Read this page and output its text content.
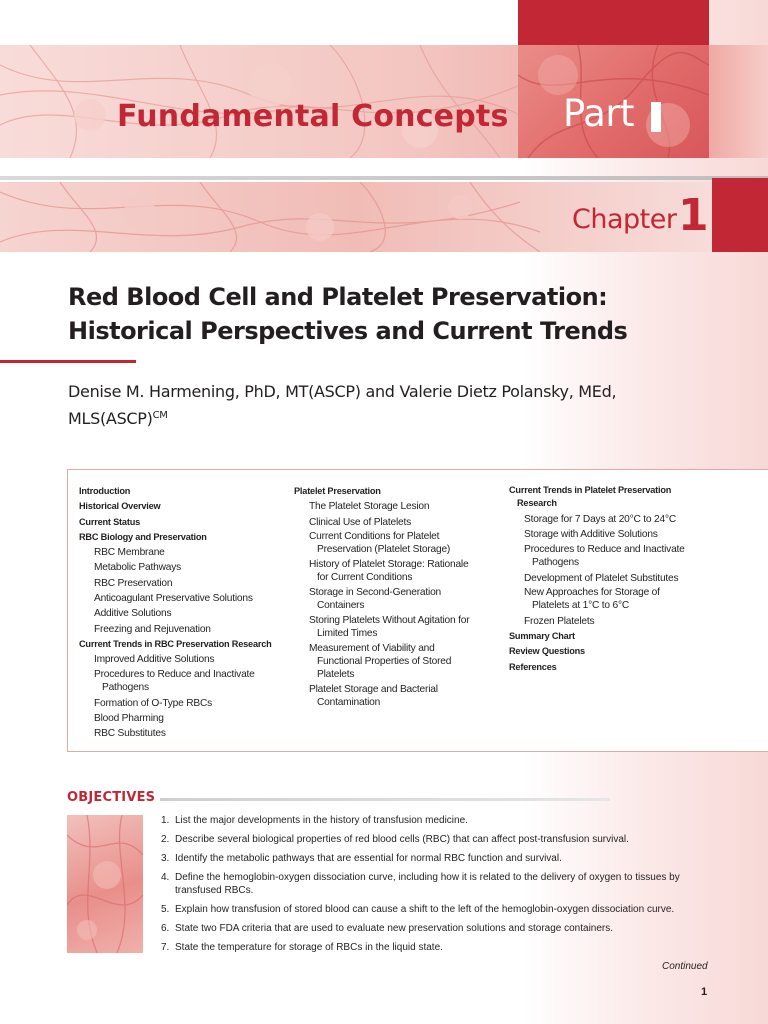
Fundamental Concepts Part
Chapter 1
Red Blood Cell and Platelet Preservation:
Historical Perspectives and Current Trends
Denise M. Harmening, PhD, MT(ASCP) and Valerie Dietz Polansky, MEd,
MLS(ASCP)$^{CM}$
Introduction
Historical Overview
Current Status
RBC Biology and Preservation
RBC Membrane
Metabolic Pathways
RBC Preservation
Anticoagulant Preservative Solutions
Additive Solutions
Freezing and Rejuvenation
Current Trends in RBC Preservation Research
Improved Additive Solutions
Procedures to Reduce and Inactivate
Pathogens
Formation of O-Type RBCs
Blood Pharming
RBC Substitutes
Platelet Preservation
The Platelet Storage Lesion
Clinical Use of Platelets
Current Conditions for Platelet
Preservation (Platelet Storage)
History of Platelet Storage: Rationale
for Current Conditions
Storage in Second-Generation
Containers
Storing Platelets Without Agitation for
Limited Times
Measurement of Viability and
Functional Properties of Stored
Platelets
Platelet Storage and Bacterial
Contamination
Current Trends in Platelet Preservation
Research
Storage for 7 Days at 20°C to 24°C
Storage with Additive Solutions
Procedures to Reduce and Inactivate
Pathogens
Development of Platelet Substitutes
New Approaches for Storage of
Platelets at 1°C to 6°C
Frozen Platelets
Summary Chart
Review Questions
References
OBJECTIVES
1. List the major developments in the history of transfusion medicine.
2. Describe several biological properties of red blood cells (RBC) that can affect post-transfusion survival.
3. Identify the metabolic pathways that are essential for normal RBC function and survival.
4. Define the hemoglobin-oxygen dissociation curve, including how it is related to the delivery of oxygen to tissues by transfused RBCs.
5. Explain how transfusion of stored blood can cause a shift to the left of the hemoglobin-oxygen dissociation curve.
6. State two FDA criteria that are used to evaluate new preservation solutions and storage containers.
7. State the temperature for storage of RBCs in the liquid state.
Continued
1
